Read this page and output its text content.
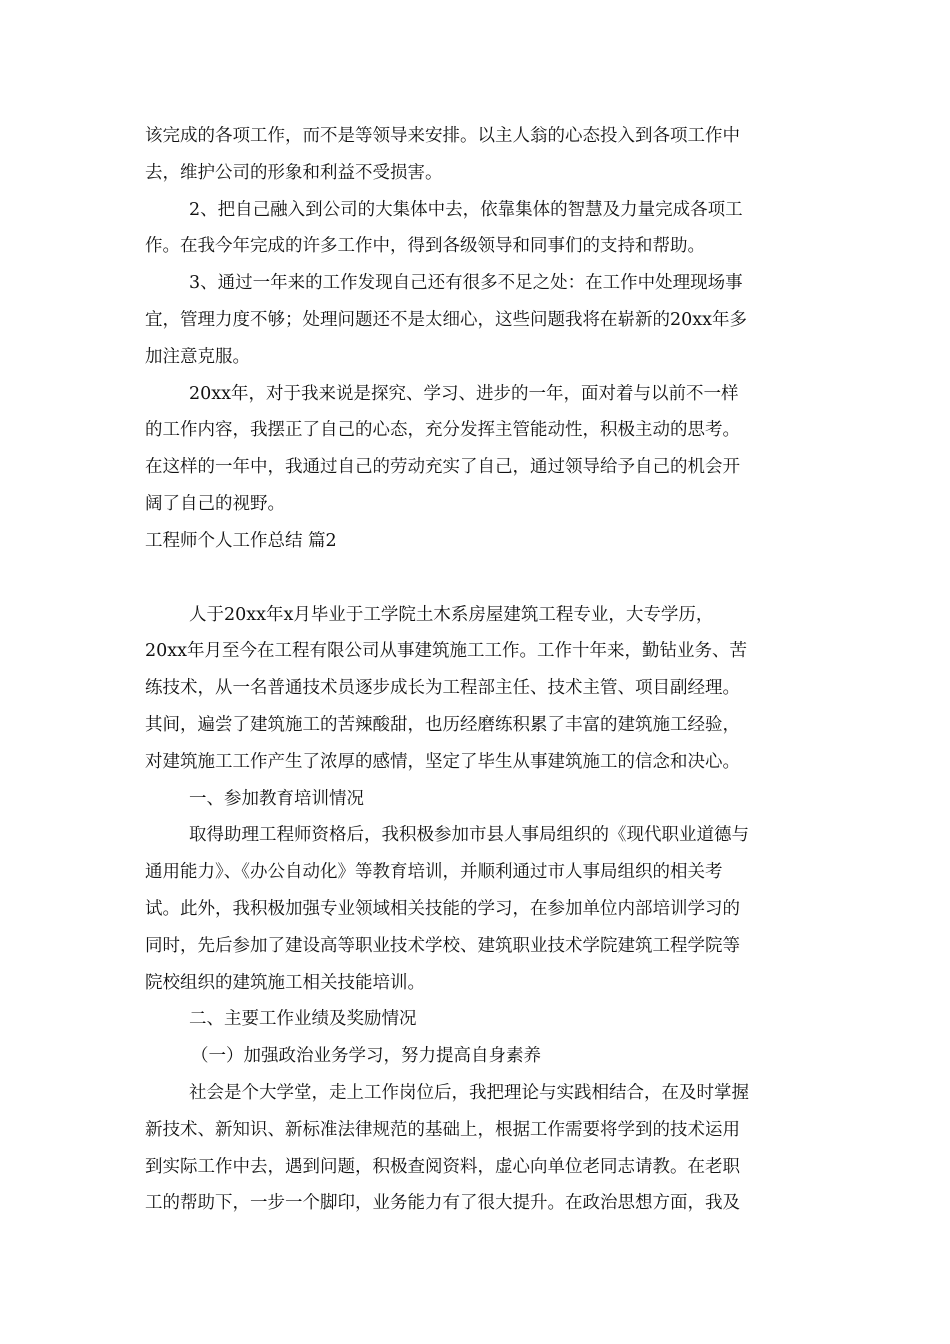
该完成的各项工作，而不是等领导来安排。以主人翁的心态投入到各项工作中
去，维护公司的形象和利益不受损害。
2、把自己融入到公司的大集体中去，依靠集体的智慧及力量完成各项工
作。在我今年完成的许多工作中，得到各级领导和同事们的支持和帮助。
3、通过一年来的工作发现自己还有很多不足之处：在工作中处理现场事
宜，管理力度不够；处理问题还不是太细心，这些问题我将在崭新的20xx年多
加注意克服。
20xx年，对于我来说是探究、学习、进步的一年，面对着与以前不一样
的工作内容，我摆正了自己的心态，充分发挥主管能动性，积极主动的思考。
在这样的一年中，我通过自己的劳动充实了自己，通过领导给予自己的机会开
阔了自己的视野。
工程师个人工作总结 篇2
人于20xx年x月毕业于工学院土木系房屋建筑工程专业，大专学历，
20xx年月至今在工程有限公司从事建筑施工工作。工作十年来，勤钻业务、苦
练技术，从一名普通技术员逐步成长为工程部主任、技术主管、项目副经理。
其间，遍尝了建筑施工的苦辣酸甜，也历经磨练积累了丰富的建筑施工经验，
对建筑施工工作产生了浓厚的感情，坚定了毕生从事建筑施工的信念和决心。
一、参加教育培训情况
取得助理工程师资格后，我积极参加市县人事局组织的《现代职业道德与
通用能力》、《办公自动化》等教育培训，并顺利通过市人事局组织的相关考
试。此外，我积极加强专业领域相关技能的学习，在参加单位内部培训学习的
同时，先后参加了建设高等职业技术学校、建筑职业技术学院建筑工程学院等
院校组织的建筑施工相关技能培训。
二、主要工作业绩及奖励情况
（一）加强政治业务学习，努力提高自身素养
社会是个大学堂，走上工作岗位后，我把理论与实践相结合，在及时掌握
新技术、新知识、新标准法律规范的基础上，根据工作需要将学到的技术运用
到实际工作中去，遇到问题，积极查阅资料，虚心向单位老同志请教。在老职
工的帮助下，一步一个脚印，业务能力有了很大提升。在政治思想方面，我及
